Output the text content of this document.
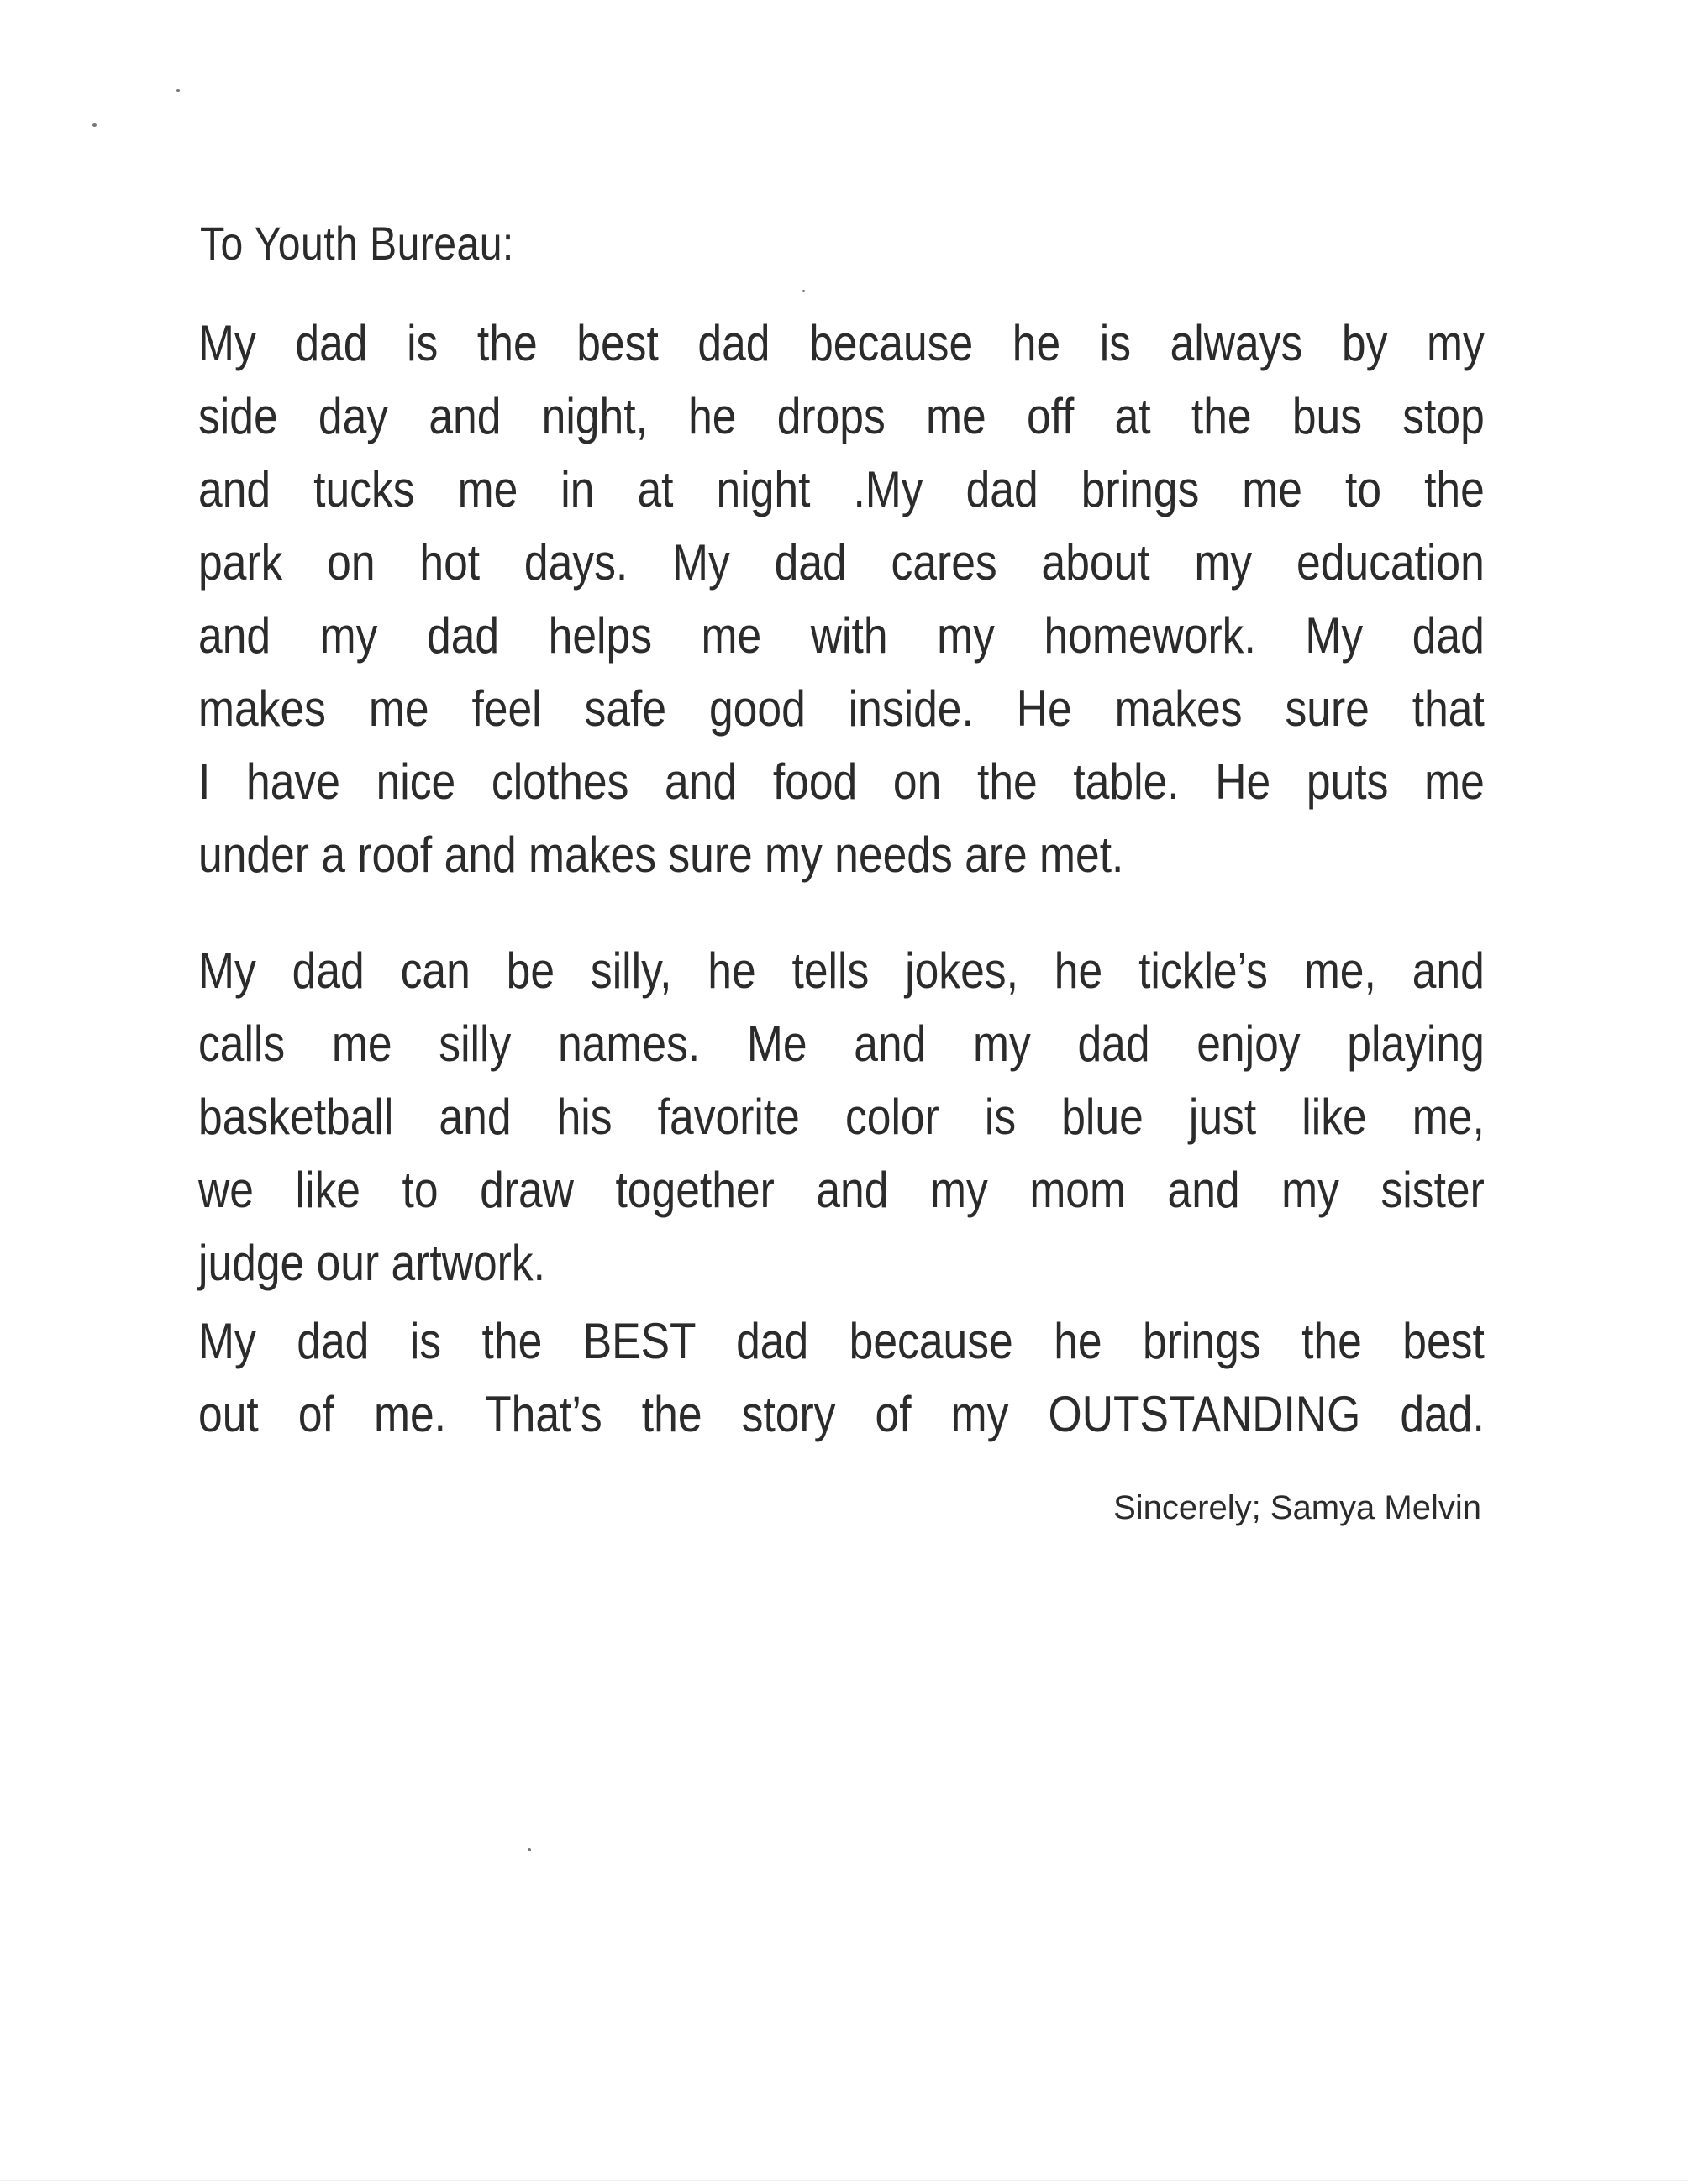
To Youth Bureau:
My dad is the best dad because he is always by my
side day and night, he drops me off at the bus stop
and tucks me in at night .My dad brings me to the
park on hot days. My dad cares about my education
and my dad helps me with my homework. My dad
makes me feel safe good inside. He makes sure that
I have nice clothes and food on the table. He puts me
under a roof and makes sure my needs are met.
My dad can be silly, he tells jokes, he tickle’s me, and
calls me silly names. Me and my dad enjoy playing
basketball and his favorite color is blue just like me,
we like to draw together and my mom and my sister
judge our artwork.
My dad is the BEST dad because he brings the best
out of me. That’s the story of my OUTSTANDING dad.
Sincerely; Samya Melvin
